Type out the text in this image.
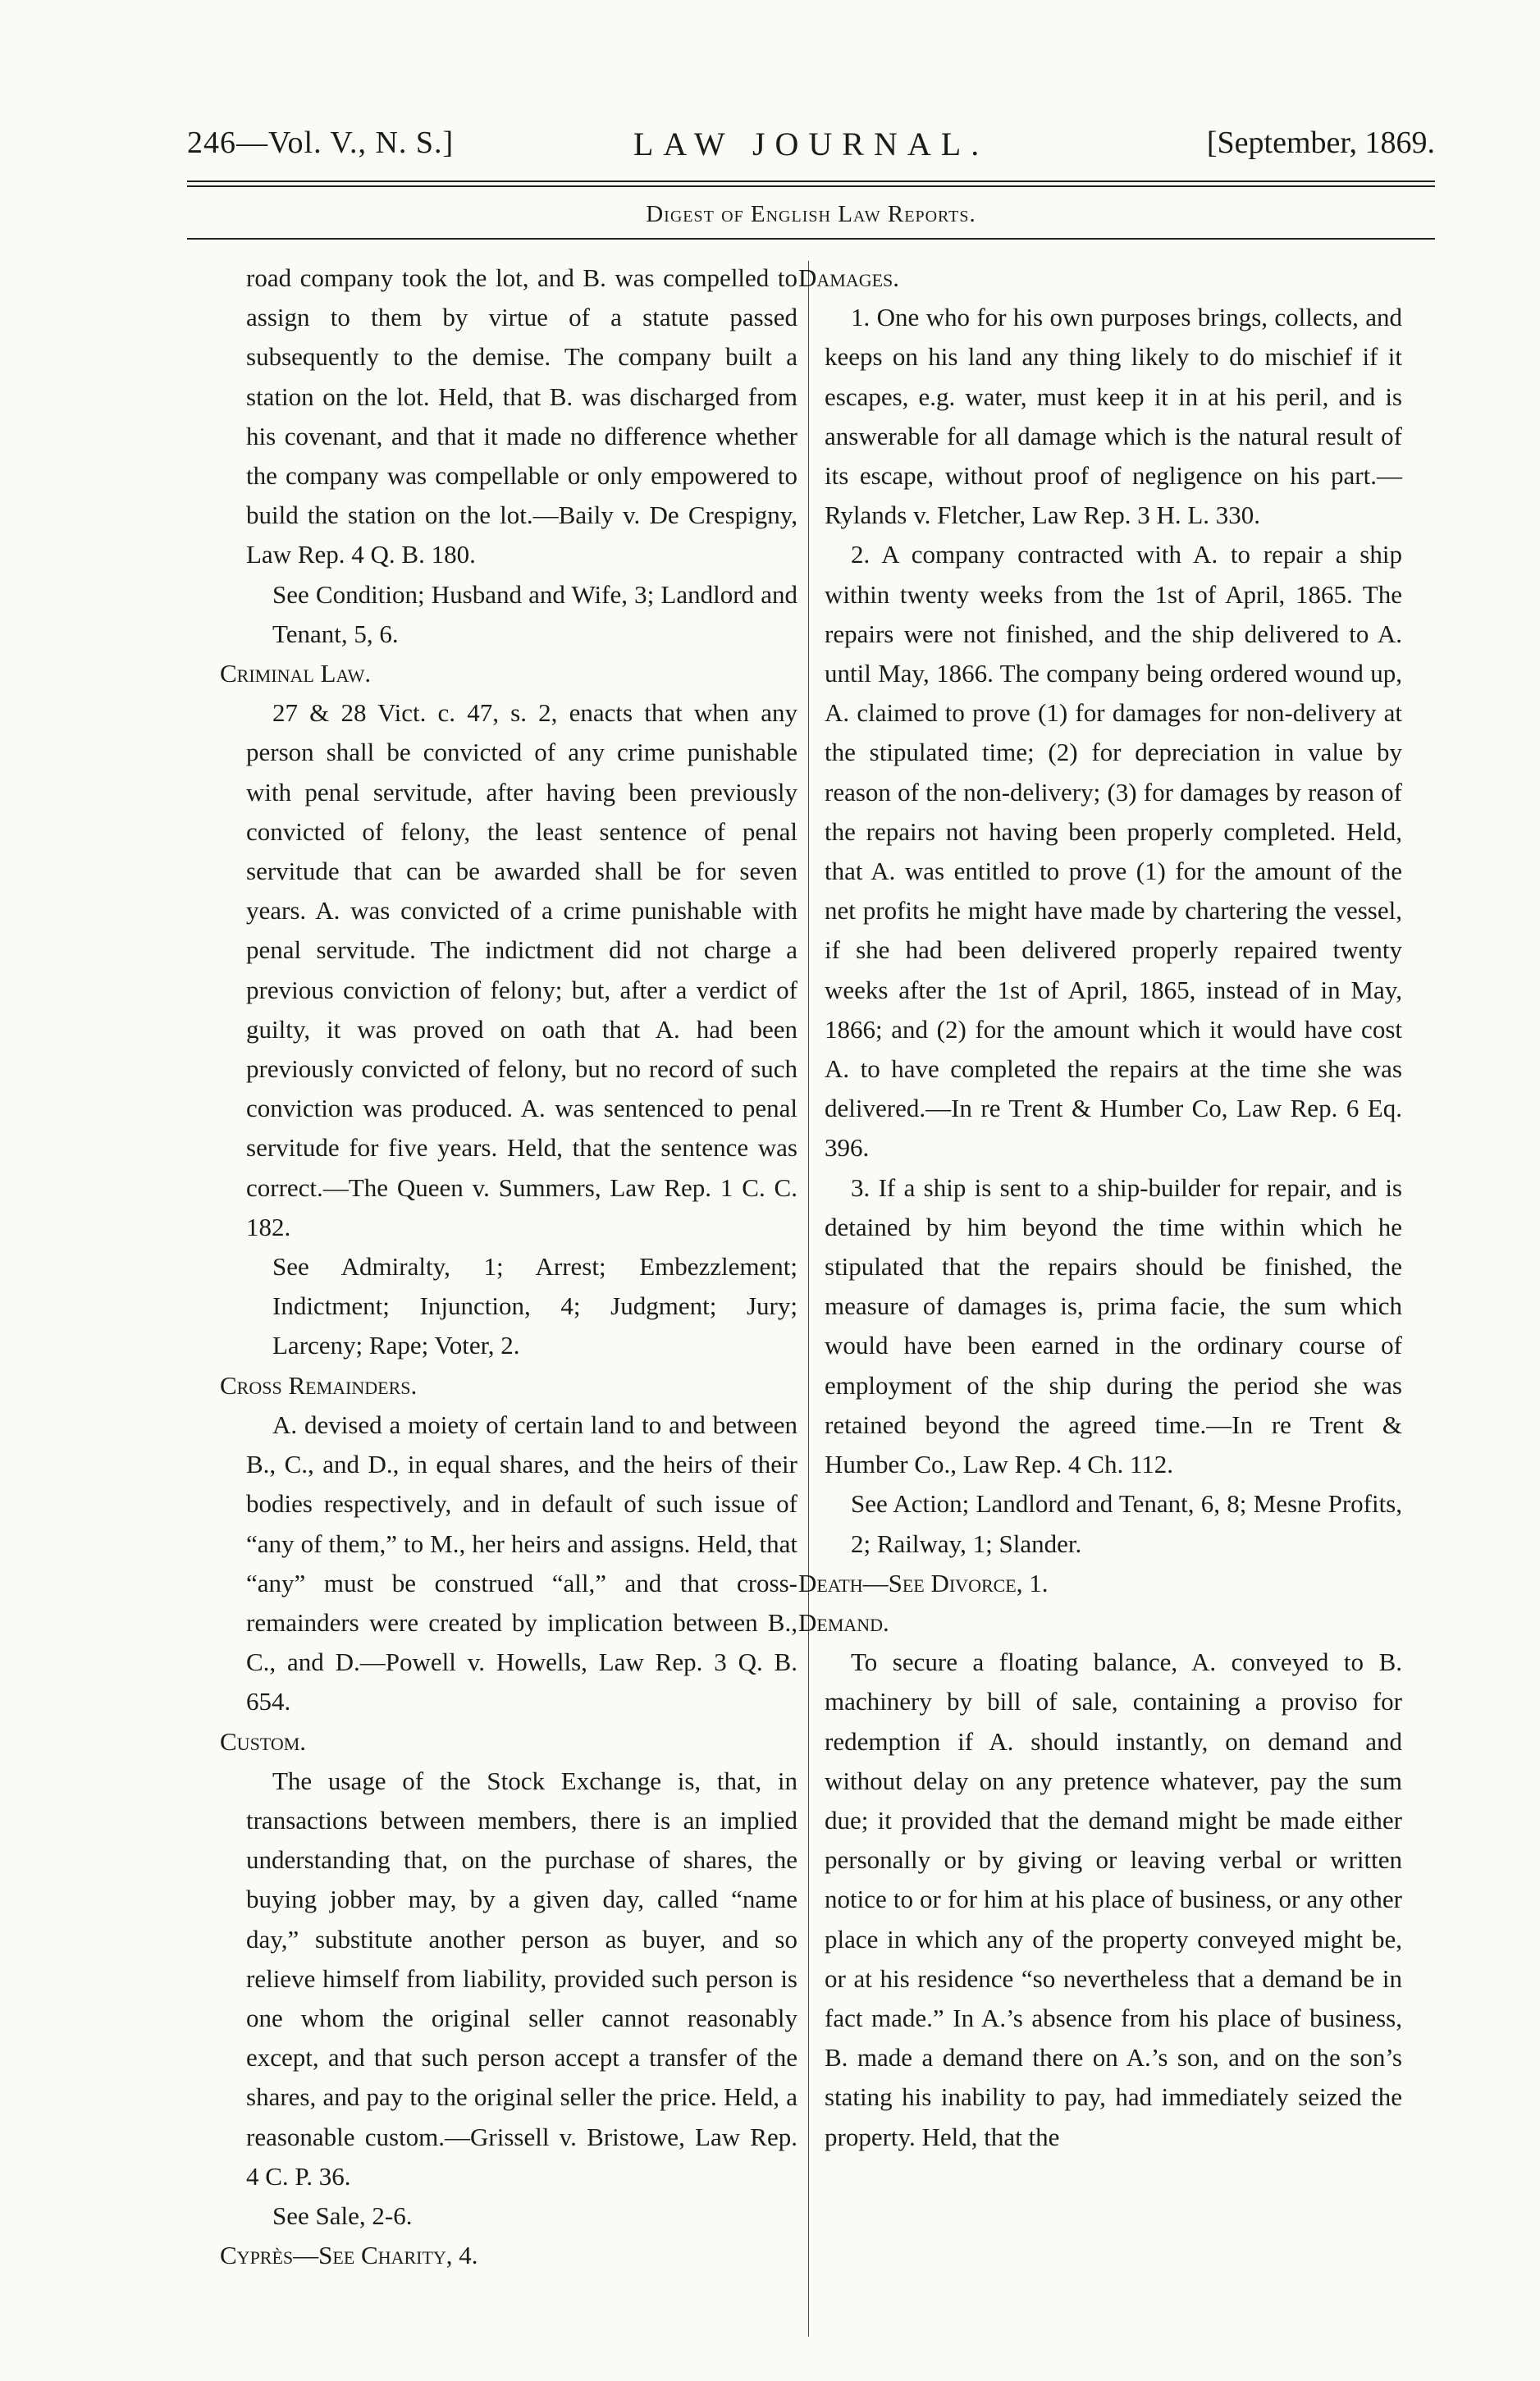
246—Vol. V., N. S.]	LAW JOURNAL.	[September, 1869.
Digest of English Law Reports.

road company took the lot, and B. was compelled to assign to them by virtue of a statute passed subsequently to the demise. The company built a station on the lot. Held, that B. was discharged from his covenant, and that it made no difference whether the company was compellable or only empowered to build the station on the lot.—Baily v. De Crespigny, Law Rep. 4 Q. B. 180.

See Condition; Husband and Wife, 3; Landlord and Tenant, 5, 6.

Criminal Law.

27 & 28 Vict. c. 47, s. 2, enacts that when any person shall be convicted of any crime punishable with penal servitude, after having been previously convicted of felony, the least sentence of penal servitude that can be awarded shall be for seven years. A. was convicted of a crime punishable with penal servitude. The indictment did not charge a previous conviction of felony; but, after a verdict of guilty, it was proved on oath that A. had been previously convicted of felony, but no record of such conviction was produced. A. was sentenced to penal servitude for five years. Held, that the sentence was correct.—The Queen v. Summers, Law Rep. 1 C. C. 182.

See Admiralty, 1; Arrest; Embezzlement; Indictment; Injunction, 4; Judgment; Jury; Larceny; Rape; Voter, 2.

Cross Remainders.

A. devised a moiety of certain land to and between B., C., and D., in equal shares, and the heirs of their bodies respectively, and in default of such issue of “any of them,” to M., her heirs and assigns. Held, that “any” must be construed “all,” and that cross-remainders were created by implication between B., C., and D.—Powell v. Howells, Law Rep. 3 Q. B. 654.

Custom.

The usage of the Stock Exchange is, that, in transactions between members, there is an implied understanding that, on the purchase of shares, the buying jobber may, by a given day, called “name day,” substitute another person as buyer, and so relieve himself from liability, provided such person is one whom the original seller cannot reasonably except, and that such person accept a transfer of the shares, and pay to the original seller the price. Held, a reasonable custom.—Grissell v. Bristowe, Law Rep. 4 C. P. 36.

See Sale, 2-6.

Cyprès—See Charity, 4.

Damages.

1. One who for his own purposes brings, collects, and keeps on his land any thing likely to do mischief if it escapes, e.g. water, must keep it in at his peril, and is answerable for all damage which is the natural result of its escape, without proof of negligence on his part.—Rylands v. Fletcher, Law Rep. 3 H. L. 330.

2. A company contracted with A. to repair a ship within twenty weeks from the 1st of April, 1865. The repairs were not finished, and the ship delivered to A. until May, 1866. The company being ordered wound up, A. claimed to prove (1) for damages for non-delivery at the stipulated time; (2) for depreciation in value by reason of the non-delivery; (3) for damages by reason of the repairs not having been properly completed. Held, that A. was entitled to prove (1) for the amount of the net profits he might have made by chartering the vessel, if she had been delivered properly repaired twenty weeks after the 1st of April, 1865, instead of in May, 1866; and (2) for the amount which it would have cost A. to have completed the repairs at the time she was delivered.—In re Trent & Humber Co, Law Rep. 6 Eq. 396.

3. If a ship is sent to a ship-builder for repair, and is detained by him beyond the time within which he stipulated that the repairs should be finished, the measure of damages is, prima facie, the sum which would have been earned in the ordinary course of employment of the ship during the period she was retained beyond the agreed time.—In re Trent & Humber Co., Law Rep. 4 Ch. 112.

See Action; Landlord and Tenant, 6, 8; Mesne Profits, 2; Railway, 1; Slander.

Death—See Divorce, 1.

Demand.

To secure a floating balance, A. conveyed to B. machinery by bill of sale, containing a proviso for redemption if A. should instantly, on demand and without delay on any pretence whatever, pay the sum due; it provided that the demand might be made either personally or by giving or leaving verbal or written notice to or for him at his place of business, or any other place in which any of the property conveyed might be, or at his residence “so nevertheless that a demand be in fact made.” In A.’s absence from his place of business, B. made a demand there on A.’s son, and on the son’s stating his inability to pay, had immediately seized the property. Held, that the
